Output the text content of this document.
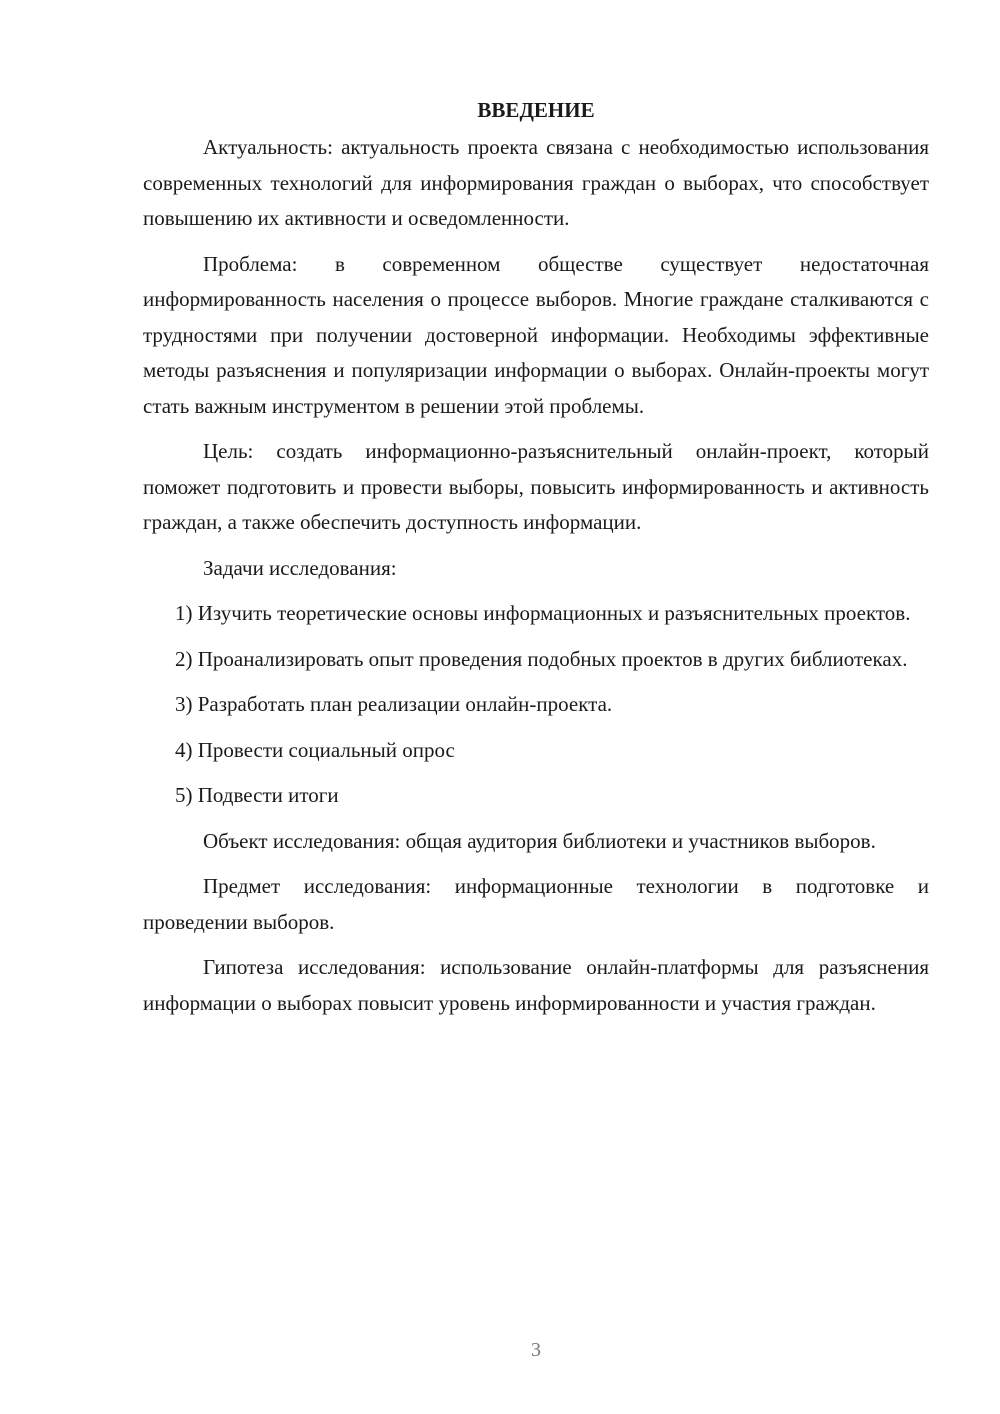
ВВЕДЕНИЕ

Актуальность: актуальность проекта связана с необходимостью использования современных технологий для информирования граждан о выборах, что способствует повышению их активности и осведомленности.

Проблема: в современном обществе существует недостаточная информированность населения о процессе выборов. Многие граждане сталкиваются с трудностями при получении достоверной информации. Необходимы эффективные методы разъяснения и популяризации информации о выборах. Онлайн-проекты могут стать важным инструментом в решении этой проблемы.

Цель: создать информационно-разъяснительный онлайн-проект, который поможет подготовить и провести выборы, повысить информированность и активность граждан, а также обеспечить доступность информации.

Задачи исследования:

1) Изучить теоретические основы информационных и разъяснительных проектов.

2) Проанализировать опыт проведения подобных проектов в других библиотеках.

3) Разработать план реализации онлайн-проекта.

4) Провести социальный опрос

5) Подвести итоги

Объект исследования: общая аудитория библиотеки и участников выборов.

Предмет исследования: информационные технологии в подготовке и проведении выборов.

Гипотеза исследования: использование онлайн-платформы для разъяснения информации о выборах повысит уровень информированности и участия граждан.

3
